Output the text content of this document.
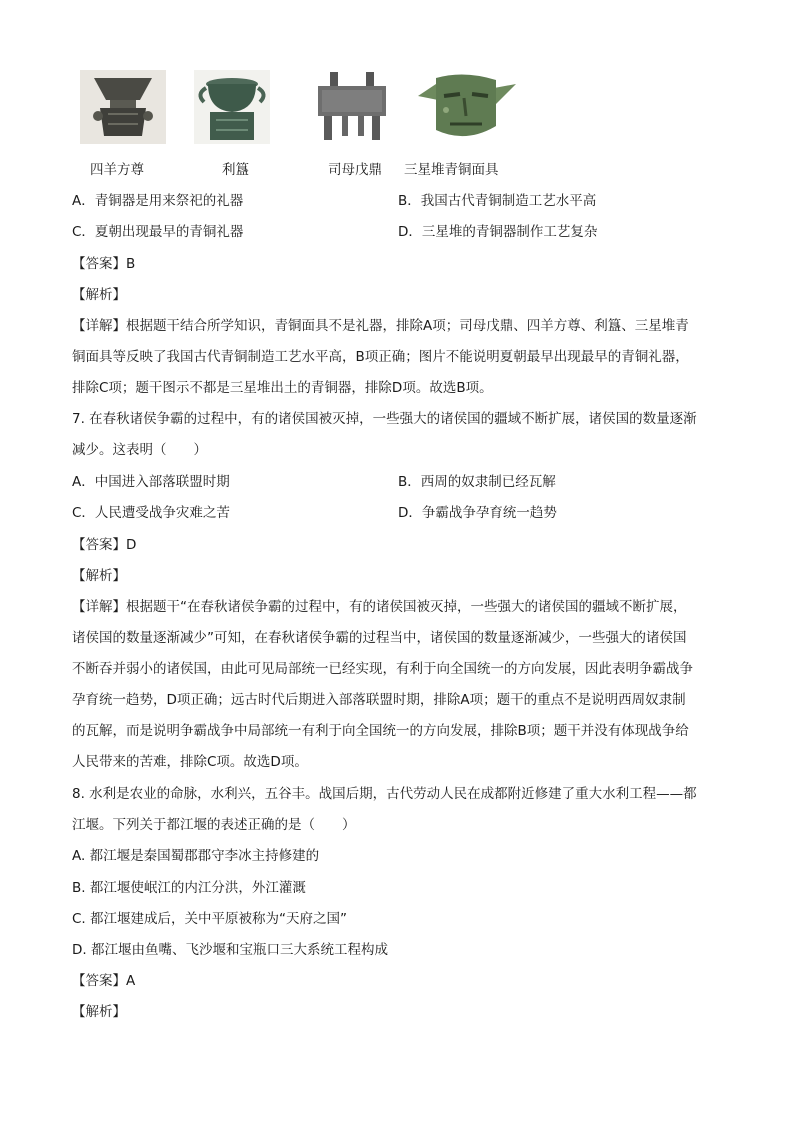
四羊方尊	利簋	司母戊鼎 三星堆青铜面具
A．青铜器是用来祭祀的礼器	B．我国古代青铜制造工艺水平高
C．夏朝出现最早的青铜礼器	D．三星堆的青铜器制作工艺复杂
【答案】B
【解析】
【详解】根据题干结合所学知识，青铜面具不是礼器，排除A项；司母戊鼎、四羊方尊、利簋、三星堆青
铜面具等反映了我国古代青铜制造工艺水平高，B项正确；图片不能说明夏朝最早出现最早的青铜礼器，
排除C项；题干图示不都是三星堆出土的青铜器，排除D项。故选B项。
7. 在春秋诸侯争霸的过程中，有的诸侯国被灭掉，一些强大的诸侯国的疆域不断扩展，诸侯国的数量逐渐
减少。这表明（　　）
A．中国进入部落联盟时期	B．西周的奴隶制已经瓦解
C．人民遭受战争灾难之苦	D．争霸战争孕育统一趋势
【答案】D
【解析】
【详解】根据题干“在春秋诸侯争霸的过程中，有的诸侯国被灭掉，一些强大的诸侯国的疆域不断扩展，
诸侯国的数量逐渐减少”可知，在春秋诸侯争霸的过程当中，诸侯国的数量逐渐减少，一些强大的诸侯国
不断吞并弱小的诸侯国，由此可见局部统一已经实现，有利于向全国统一的方向发展，因此表明争霸战争
孕育统一趋势，D项正确；远古时代后期进入部落联盟时期，排除A项；题干的重点不是说明西周奴隶制
的瓦解，而是说明争霸战争中局部统一有利于向全国统一的方向发展，排除B项；题干并没有体现战争给
人民带来的苦难，排除C项。故选D项。
8. 水利是农业的命脉，水利兴，五谷丰。战国后期，古代劳动人民在成都附近修建了重大水利工程——都
江堰。下列关于都江堰的表述正确的是（　　）
A. 都江堰是秦国蜀郡郡守李冰主持修建的
B. 都江堰使岷江的内江分洪，外江灌溉
C. 都江堰建成后，关中平原被称为“天府之国”
D. 都江堰由鱼嘴、飞沙堰和宝瓶口三大系统工程构成
【答案】A
【解析】
